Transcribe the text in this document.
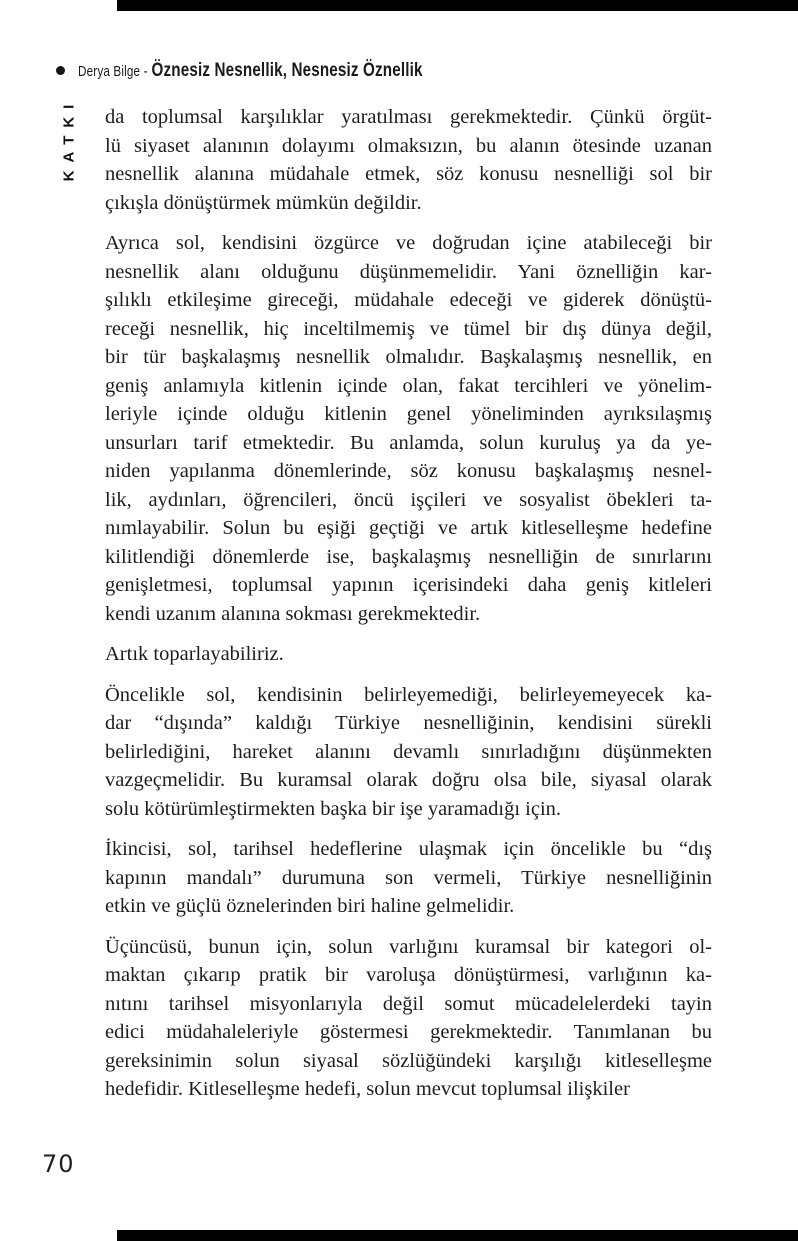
Derya Bilge - Öznesiz Nesnellik, Nesnesiz Öznellik
KATKI da toplumsal karşılıklar yaratılması gerekmektedir. Çünkü örgüt-
lü siyaset alanının dolayımı olmaksızın, bu alanın ötesinde uzanan
nesnellik alanına müdahale etmek, söz konusu nesnelliği sol bir
çıkışla dönüştürmek mümkün değildir.
Ayrıca sol, kendisini özgürce ve doğrudan içine atabileceği bir
nesnellik alanı olduğunu düşünmemelidir. Yani öznelliğin kar-
şılıklı etkileşime gireceği, müdahale edeceği ve giderek dönüştü-
receği nesnellik, hiç inceltilmemiş ve tümel bir dış dünya değil,
bir tür başkalaşmış nesnellik olmalıdır. Başkalaşmış nesnellik, en
geniş anlamıyla kitlenin içinde olan, fakat tercihleri ve yönelim-
leriyle içinde olduğu kitlenin genel yöneliminden ayrıksılaşmış
unsurları tarif etmektedir. Bu anlamda, solun kuruluş ya da ye-
niden yapılanma dönemlerinde, söz konusu başkalaşmış nesnel-
lik, aydınları, öğrencileri, öncü işçileri ve sosyalist öbekleri ta-
nımlayabilir. Solun bu eşiği geçtiği ve artık kitleselleşme hedefine
kilitlendiği dönemlerde ise, başkalaşmış nesnelliğin de sınırlarını
genişletmesi, toplumsal yapının içerisindeki daha geniş kitleleri
kendi uzanım alanına sokması gerekmektedir.
Artık toparlayabiliriz.
Öncelikle sol, kendisinin belirleyemediği, belirleyemeyecek ka-
dar “dışında” kaldığı Türkiye nesnelliğinin, kendisini sürekli
belirlediğini, hareket alanını devamlı sınırladığını düşünmekten
vazgeçmelidir. Bu kuramsal olarak doğru olsa bile, siyasal olarak
solu kötürümleştirmekten başka bir işe yaramadığı için.
İkincisi, sol, tarihsel hedeflerine ulaşmak için öncelikle bu “dış
kapının mandalı” durumuna son vermeli, Türkiye nesnelliğinin
etkin ve güçlü öznelerinden biri haline gelmelidir.
Üçüncüsü, bunun için, solun varlığını kuramsal bir kategori ol-
maktan çıkarıp pratik bir varoluşa dönüştürmesi, varlığının ka-
nıtını tarihsel misyonlarıyla değil somut mücadelelerdeki tayin
edici müdahaleleriyle göstermesi gerekmektedir. Tanımlanan bu
gereksinimin solun siyasal sözlüğündeki karşılığı kitleselleşme
hedefidir. Kitleselleşme hedefi, solun mevcut toplumsal ilişkiler
70
